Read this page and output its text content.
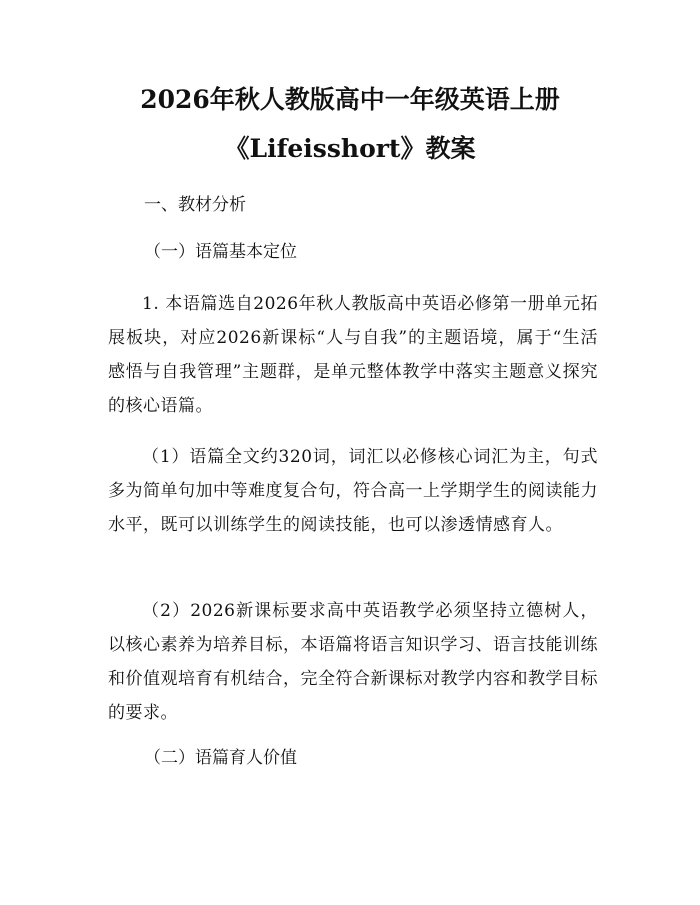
2026年秋人教版高中一年级英语上册
《Lifeisshort》教案

一、教材分析

（一）语篇基本定位

1. 本语篇选自2026年秋人教版高中英语必修第一册单元拓展板块，对应2026新课标“人与自我”的主题语境，属于“生活感悟与自我管理”主题群，是单元整体教学中落实主题意义探究的核心语篇。

（1）语篇全文约320词，词汇以必修核心词汇为主，句式多为简单句加中等难度复合句，符合高一上学期学生的阅读能力水平，既可以训练学生的阅读技能，也可以渗透情感育人。

（2）2026新课标要求高中英语教学必须坚持立德树人，以核心素养为培养目标，本语篇将语言知识学习、语言技能训练和价值观培育有机结合，完全符合新课标对教学内容和教学目标的要求。

（二）语篇育人价值
